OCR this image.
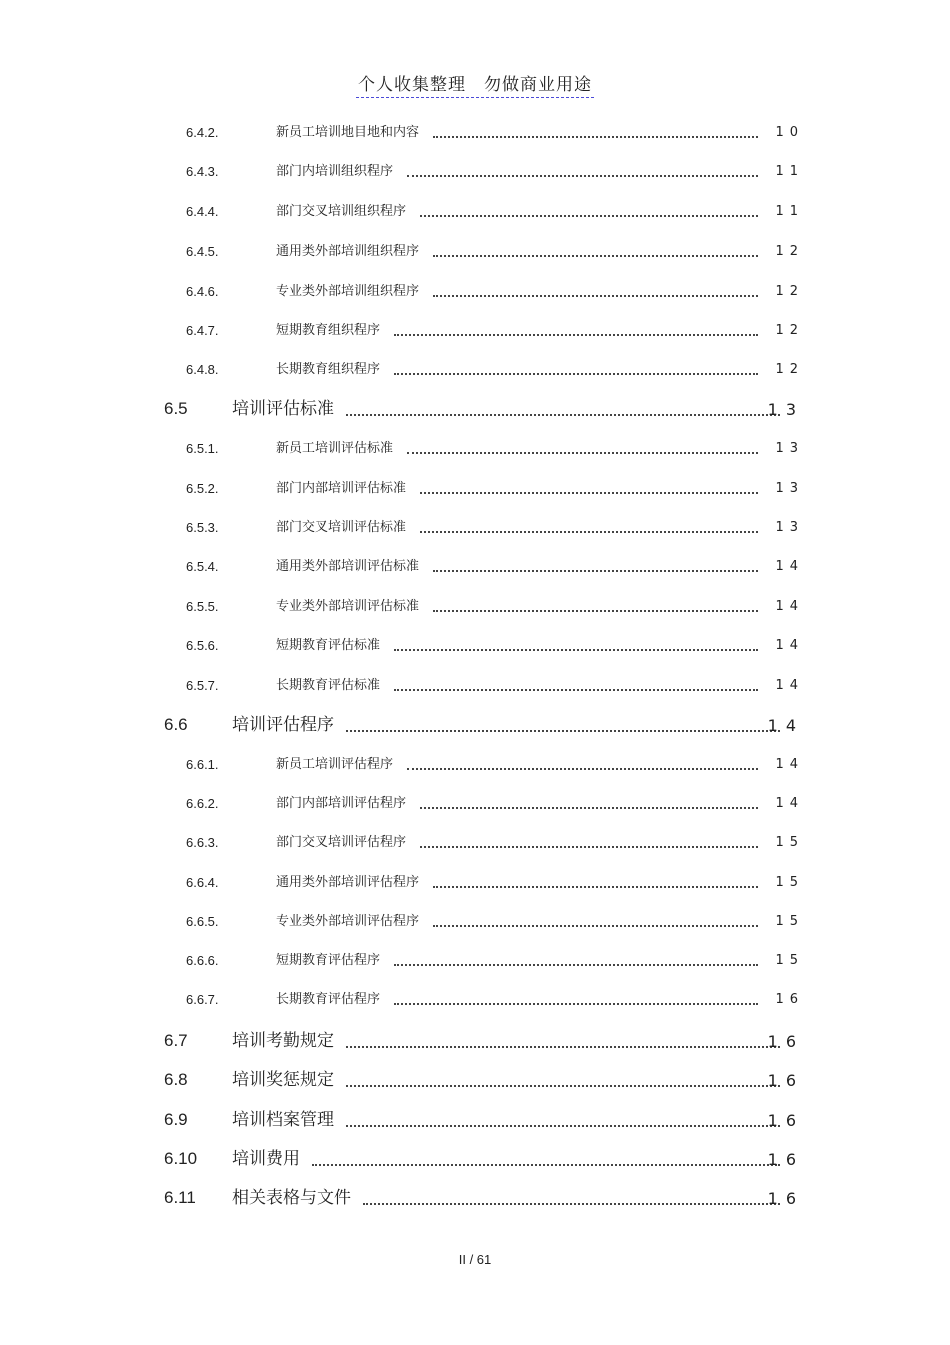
个人收集整理　勿做商业用途
6.4.2.	新员工培训地目地和内容	10
6.4.3.	部门内培训组织程序	11
6.4.4.	部门交叉培训组织程序	11
6.4.5.	通用类外部培训组织程序	12
6.4.6.	专业类外部培训组织程序	12
6.4.7.	短期教育组织程序	12
6.4.8.	长期教育组织程序	12
6.5	培训评估标准	13
6.5.1.	新员工培训评估标准	13
6.5.2.	部门内部培训评估标准	13
6.5.3.	部门交叉培训评估标准	13
6.5.4.	通用类外部培训评估标准	14
6.5.5.	专业类外部培训评估标准	14
6.5.6.	短期教育评估标准	14
6.5.7.	长期教育评估标准	14
6.6	培训评估程序	14
6.6.1.	新员工培训评估程序	14
6.6.2.	部门内部培训评估程序	14
6.6.3.	部门交叉培训评估程序	15
6.6.4.	通用类外部培训评估程序	15
6.6.5.	专业类外部培训评估程序	15
6.6.6.	短期教育评估程序	15
6.6.7.	长期教育评估程序	16
6.7	培训考勤规定	16
6.8	培训奖惩规定	16
6.9	培训档案管理	16
6.10 培训费用	16
6.11 相关表格与文件	16
II / 61
